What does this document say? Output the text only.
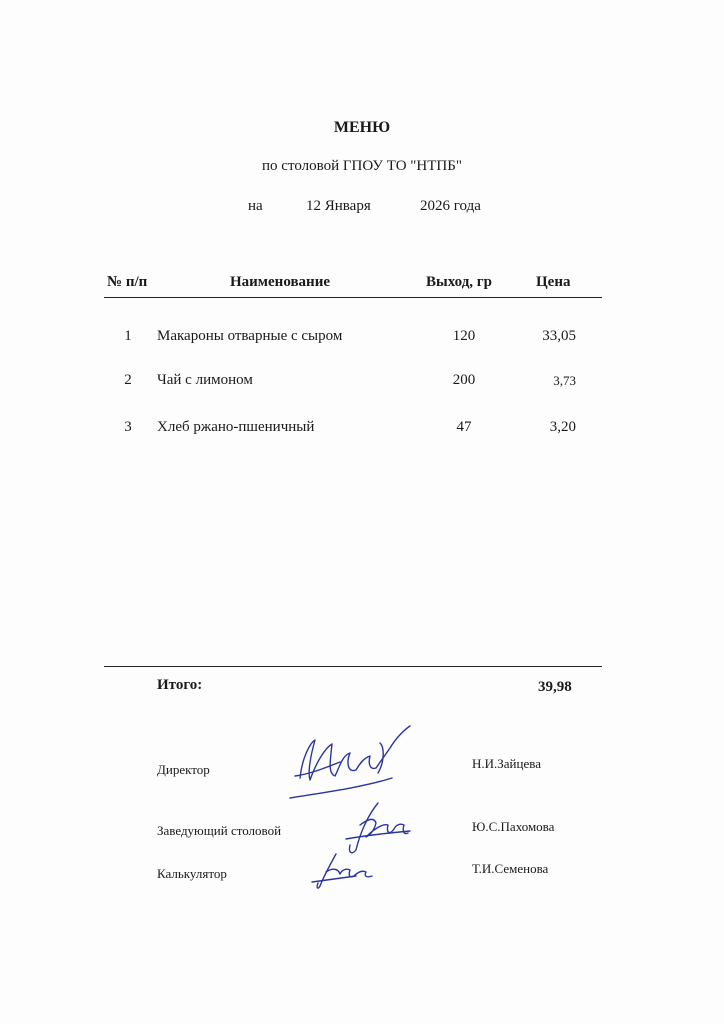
МЕНЮ
по столовой ГПОУ ТО "НТПБ"
на	12 Января	2026 года
№ п/п	Наименование	Выход, гр	Цена
1	Макароны отварные с сыром	120	33,05
2	Чай с лимоном	200	3,73
3	Хлеб ржано-пшеничный	47	3,20
Итого:	39,98
Директор	Н.И.Зайцева
Заведующий столовой	Ю.С.Пахомова
Калькулятор	Т.И.Семенова
